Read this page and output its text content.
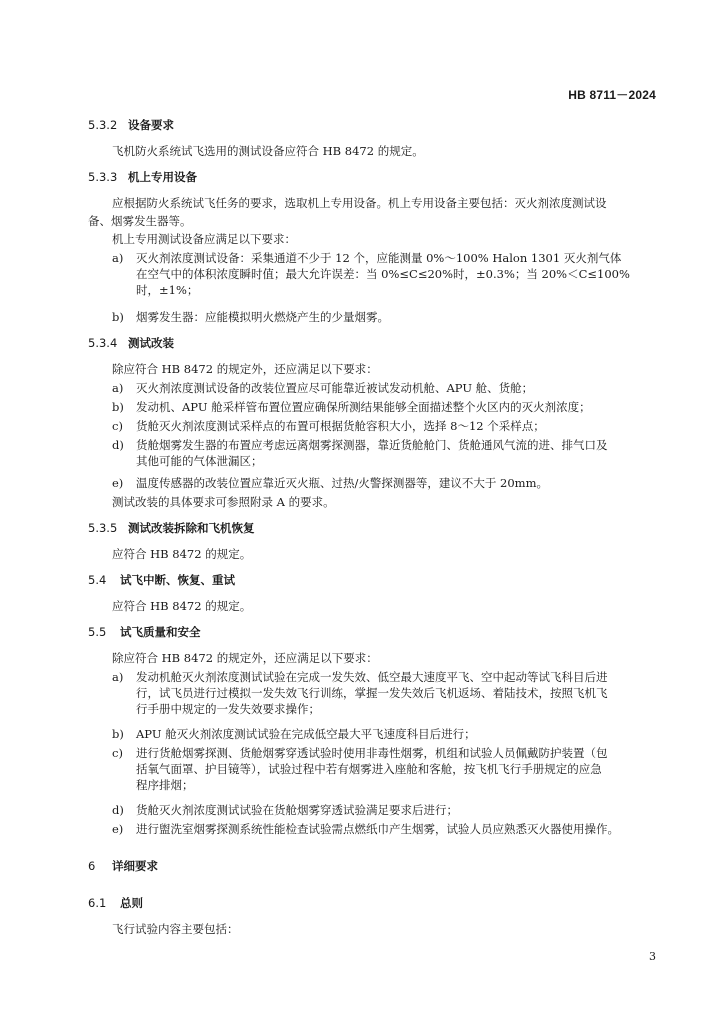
HB 8711－2024
5.3.2 设备要求
飞机防火系统试飞选用的测试设备应符合 HB 8472 的规定。
5.3.3 机上专用设备
应根据防火系统试飞任务的要求，选取机上专用设备。机上专用设备主要包括：灭火剂浓度测试设
备、烟雾发生器等。
机上专用测试设备应满足以下要求：
a)	灭火剂浓度测试设备：采集通道不少于 12 个，应能测量 0%～100% Halon 1301 灭火剂气体
在空气中的体积浓度瞬时值；最大允许误差：当 0%≤C≤20%时，±0.3%；当 20%＜C≤100%
时，±1%；
b)	烟雾发生器：应能模拟明火燃烧产生的少量烟雾。
5.3.4 测试改装
除应符合 HB 8472 的规定外，还应满足以下要求：
a)	灭火剂浓度测试设备的改装位置应尽可能靠近被试发动机舱、APU 舱、货舱；
b)	发动机、APU 舱采样管布置位置应确保所测结果能够全面描述整个火区内的灭火剂浓度；
c)	货舱灭火剂浓度测试采样点的布置可根据货舱容积大小，选择 8～12 个采样点；
d)	货舱烟雾发生器的布置应考虑远离烟雾探测器，靠近货舱舱门、货舱通风气流的进、排气口及
其他可能的气体泄漏区；
e)	温度传感器的改装位置应靠近灭火瓶、过热/火警探测器等，建议不大于 20mm。
测试改装的具体要求可参照附录 A 的要求。
5.3.5 测试改装拆除和飞机恢复
应符合 HB 8472 的规定。
5.4 试飞中断、恢复、重试
应符合 HB 8472 的规定。
5.5 试飞质量和安全
除应符合 HB 8472 的规定外，还应满足以下要求：
a)	发动机舱灭火剂浓度测试试验在完成一发失效、低空最大速度平飞、空中起动等试飞科目后进
行，试飞员进行过模拟一发失效飞行训练，掌握一发失效后飞机返场、着陆技术，按照飞机飞
行手册中规定的一发失效要求操作；
b)	APU 舱灭火剂浓度测试试验在完成低空最大平飞速度科目后进行；
c)	进行货舱烟雾探测、货舱烟雾穿透试验时使用非毒性烟雾，机组和试验人员佩戴防护装置（包
括氧气面罩、护目镜等），试验过程中若有烟雾进入座舱和客舱，按飞机飞行手册规定的应急
程序排烟；
d)	货舱灭火剂浓度测试试验在货舱烟雾穿透试验满足要求后进行；
e)	进行盥洗室烟雾探测系统性能检查试验需点燃纸巾产生烟雾，试验人员应熟悉灭火器使用操作。
6 详细要求
6.1 总则
飞行试验内容主要包括：
3
